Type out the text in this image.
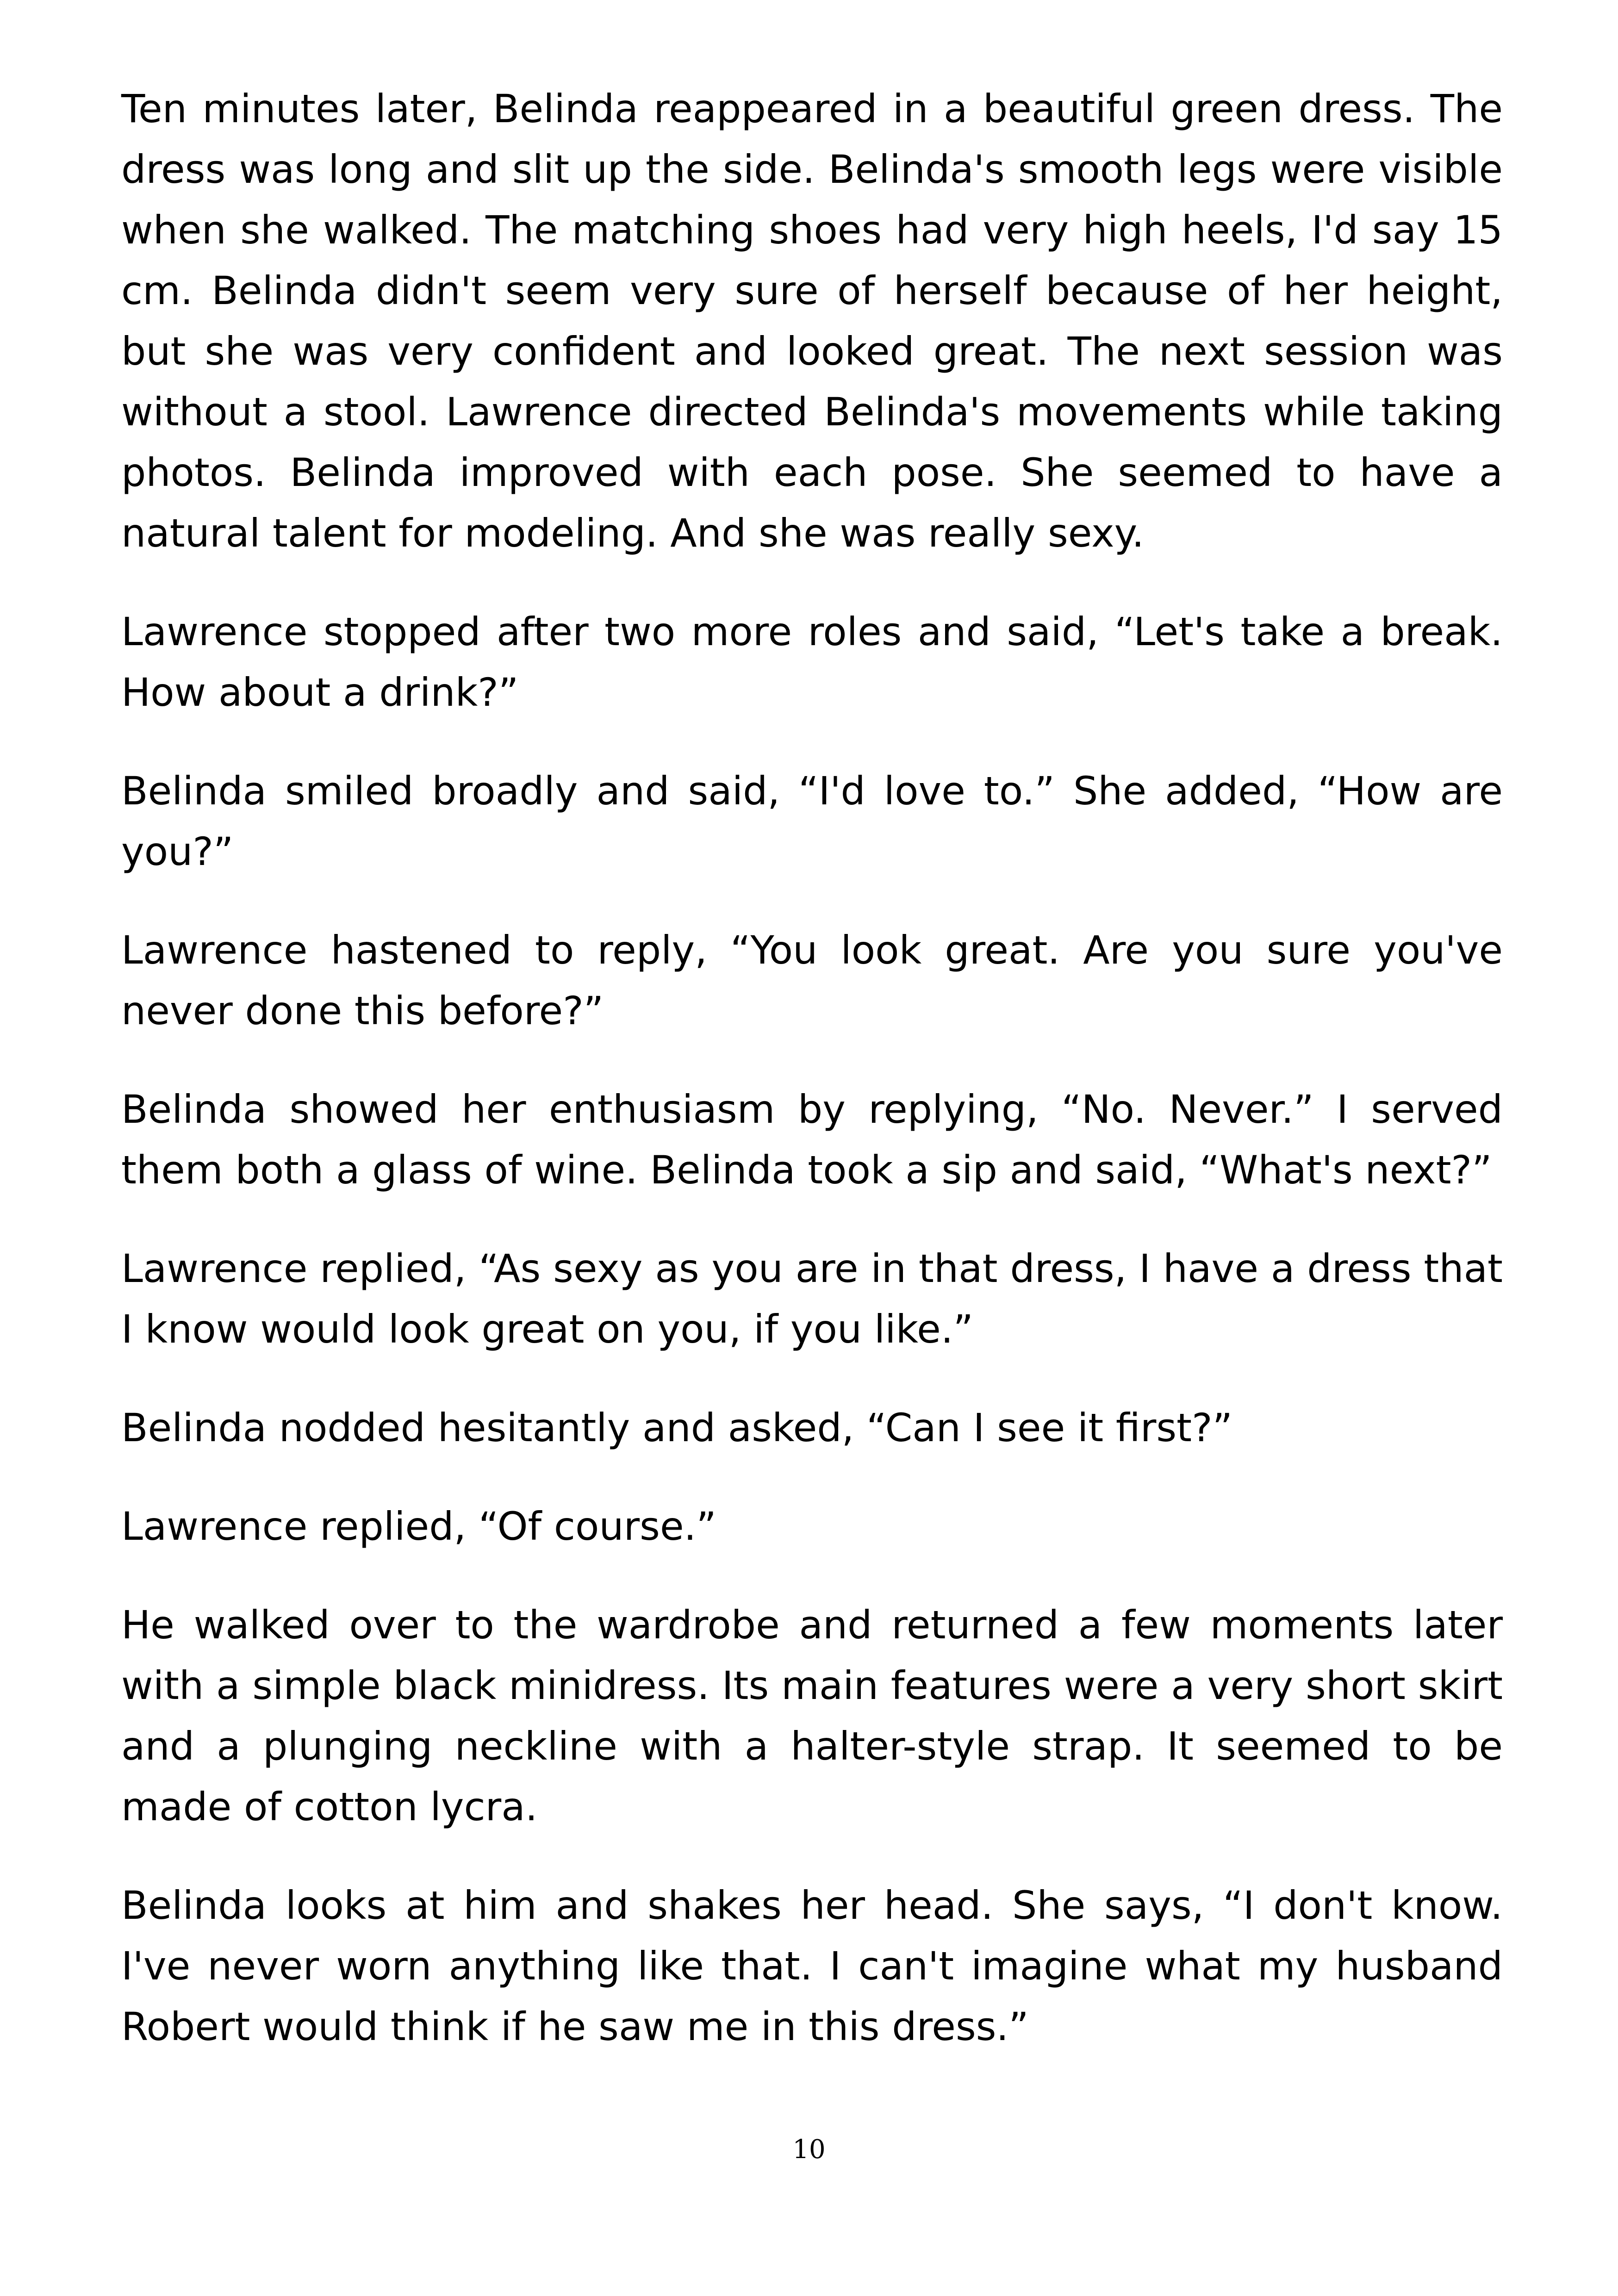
Ten minutes later, Belinda reappeared in a beautiful green dress. The dress was long and slit up the side. Belinda's smooth legs were visible when she walked. The matching shoes had very high heels, I'd say 15 cm. Belinda didn't seem very sure of herself because of her height, but she was very confident and looked great. The next session was without a stool. Lawrence directed Belinda's movements while taking photos. Belinda improved with each pose. She seemed to have a natural talent for modeling. And she was really sexy.

Lawrence stopped after two more roles and said, “Let's take a break. How about a drink?”

Belinda smiled broadly and said, “I'd love to.” She added, “How are you?”

Lawrence hastened to reply, “You look great. Are you sure you've never done this before?”

Belinda showed her enthusiasm by replying, “No. Never.” I served them both a glass of wine. Belinda took a sip and said, “What's next?”

Lawrence replied, “As sexy as you are in that dress, I have a dress that I know would look great on you, if you like.”

Belinda nodded hesitantly and asked, “Can I see it first?”

Lawrence replied, “Of course.”

He walked over to the wardrobe and returned a few moments later with a simple black minidress. Its main features were a very short skirt and a plunging neckline with a halter-style strap. It seemed to be made of cotton lycra.

Belinda looks at him and shakes her head. She says, “I don't know. I've never worn anything like that. I can't imagine what my husband Robert would think if he saw me in this dress.”

10
